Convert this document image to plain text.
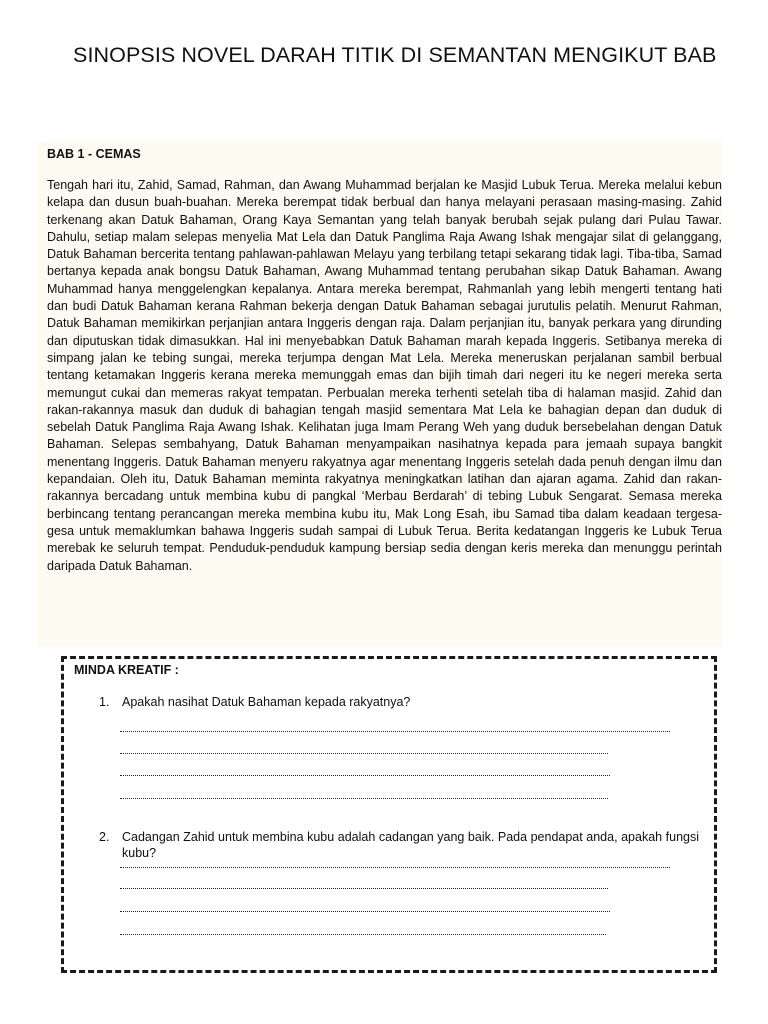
SINOPSIS NOVEL DARAH TITIK DI SEMANTAN MENGIKUT BAB
BAB 1 - CEMAS

Tengah hari itu, Zahid, Samad, Rahman, dan Awang Muhammad berjalan ke Masjid Lubuk Terua. Mereka melalui kebun kelapa dan dusun buah-buahan. Mereka berempat tidak berbual dan hanya melayani perasaan masing-masing. Zahid terkenang akan Datuk Bahaman, Orang Kaya Semantan yang telah banyak berubah sejak pulang dari Pulau Tawar. Dahulu, setiap malam selepas menyelia Mat Lela dan Datuk Panglima Raja Awang Ishak mengajar silat di gelanggang, Datuk Bahaman bercerita tentang pahlawan-pahlawan Melayu yang terbilang tetapi sekarang tidak lagi. Tiba-tiba, Samad bertanya kepada anak bongsu Datuk Bahaman, Awang Muhammad tentang perubahan sikap Datuk Bahaman. Awang Muhammad hanya menggelengkan kepalanya. Antara mereka berempat, Rahmanlah yang lebih mengerti tentang hati dan budi Datuk Bahaman kerana Rahman bekerja dengan Datuk Bahaman sebagai jurutulis pelatih. Menurut Rahman, Datuk Bahaman memikirkan perjanjian antara Inggeris dengan raja. Dalam perjanjian itu, banyak perkara yang dirunding dan diputuskan tidak dimasukkan. Hal ini menyebabkan Datuk Bahaman marah kepada Inggeris. Setibanya mereka di simpang jalan ke tebing sungai, mereka terjumpa dengan Mat Lela. Mereka meneruskan perjalanan sambil berbual tentang ketamakan Inggeris kerana mereka memunggah emas dan bijih timah dari negeri itu ke negeri mereka serta memungut cukai dan memeras rakyat tempatan. Perbualan mereka terhenti setelah tiba di halaman masjid. Zahid dan rakan-rakannya masuk dan duduk di bahagian tengah masjid sementara Mat Lela ke bahagian depan dan duduk di sebelah Datuk Panglima Raja Awang Ishak. Kelihatan juga Imam Perang Weh yang duduk bersebelahan dengan Datuk Bahaman. Selepas sembahyang, Datuk Bahaman menyampaikan nasihatnya kepada para jemaah supaya bangkit menentang Inggeris. Datuk Bahaman menyeru rakyatnya agar menentang Inggeris setelah dada penuh dengan ilmu dan kepandaian. Oleh itu, Datuk Bahaman meminta rakyatnya meningkatkan latihan dan ajaran agama. Zahid dan rakan-rakannya bercadang untuk membina kubu di pangkal ‘Merbau Berdarah’ di tebing Lubuk Sengarat. Semasa mereka berbincang tentang perancangan mereka membina kubu itu, Mak Long Esah, ibu Samad tiba dalam keadaan tergesa-gesa untuk memaklumkan bahawa Inggeris sudah sampai di Lubuk Terua. Berita kedatangan Inggeris ke Lubuk Terua merebak ke seluruh tempat. Penduduk-penduduk kampung bersiap sedia dengan keris mereka dan menunggu perintah daripada Datuk Bahaman.

MINDA KREATIF :
1. Apakah nasihat Datuk Bahaman kepada rakyatnya?
2. Cadangan Zahid untuk membina kubu adalah cadangan yang baik. Pada pendapat anda, apakah fungsi kubu?
